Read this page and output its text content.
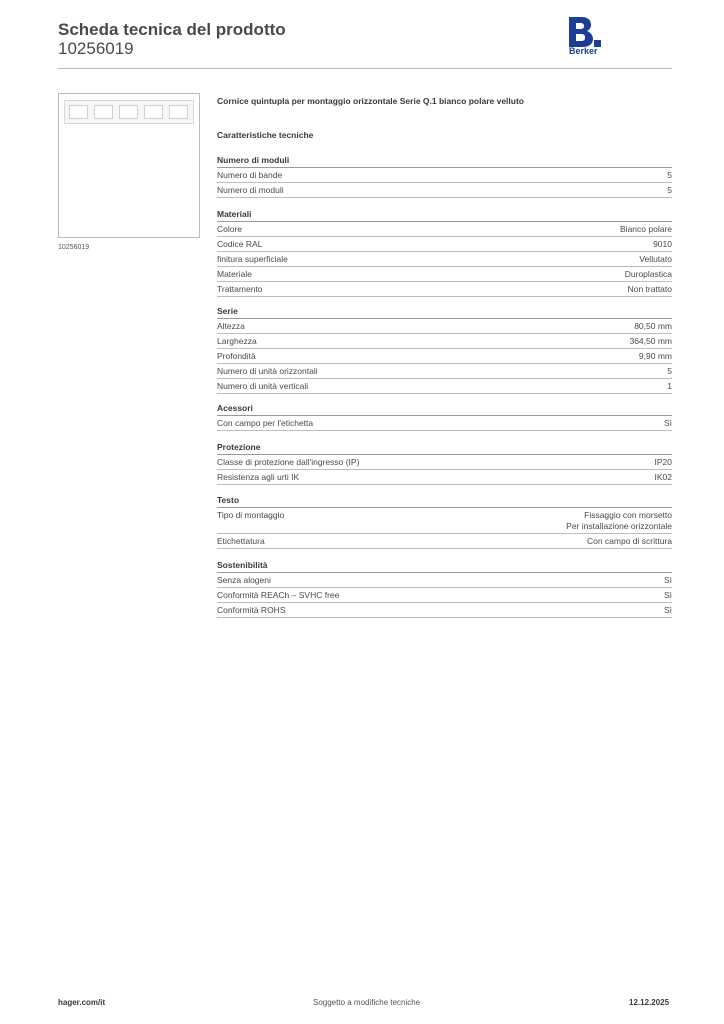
Scheda tecnica del prodotto
10256019	Berker
10256019
Cornice quintupla per montaggio orizzontale Serie Q.1 bianco polare velluto
Caratteristiche tecniche
Numero di moduli
Numero di bande	5
Numero di moduli	5
Materiali
Colore	Bianco polare
Codice RAL	9010
finitura superficiale	Vellutato
Materiale	Duroplastica
Trattamento	Non trattato
Serie
Altezza	80,50 mm
Larghezza	364,50 mm
Profondità	9,90 mm
Numero di unità orizzontali	5
Numero di unità verticali	1
Acessori
Con campo per l'etichetta	Sì
Protezione
Classe di protezione dall'ingresso (IP)	IP20
Resistenza agli urti IK	IK02
Testo
Tipo di montaggio	Fissaggio con morsetto
Per installazione orizzontale
Etichettatura	Con campo di scrittura
Sostenibilità
Senza alogeni	Sì
Conformità REACh – SVHC free	Sì
Conformità ROHS	Sì
hager.com/it	Soggetto a modifiche tecniche	12.12.2025
